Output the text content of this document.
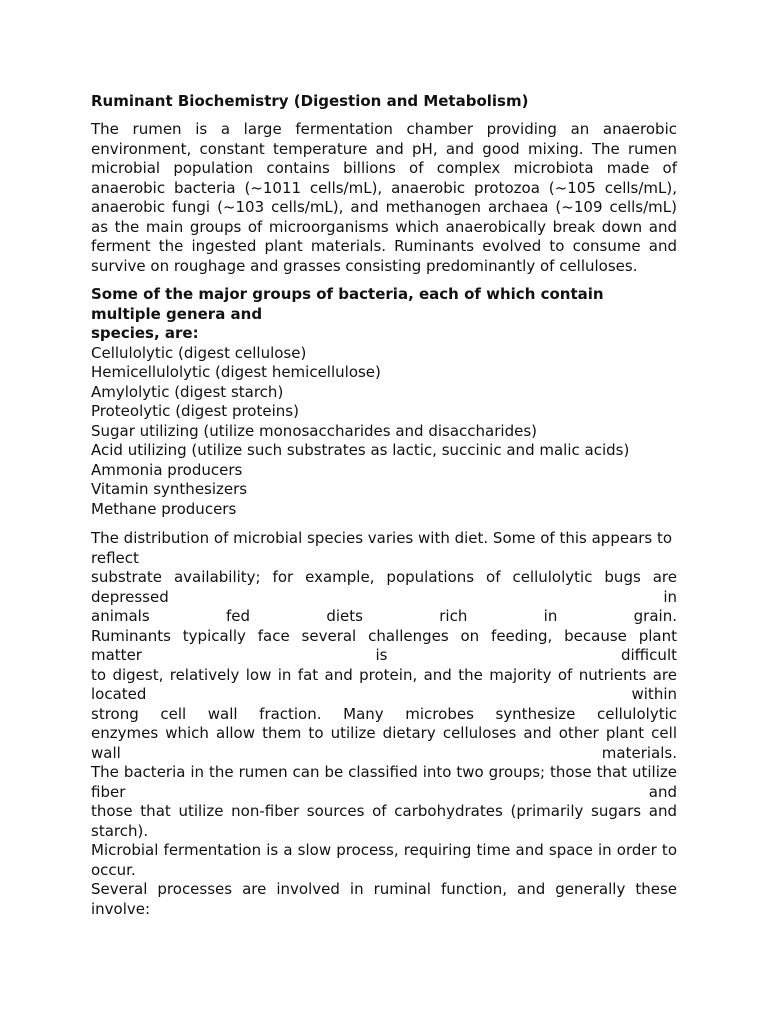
Ruminant Biochemistry (Digestion and Metabolism)
The rumen is a large fermentation chamber providing an anaerobic environment, constant temperature and pH, and good mixing. The rumen microbial population contains billions of complex microbiota made of anaerobic bacteria (~1011 cells/mL), anaerobic protozoa (~105 cells/mL), anaerobic fungi (~103 cells/mL), and methanogen archaea (~109 cells/mL) as the main groups of microorganisms which anaerobically break down and ferment the ingested plant materials. Ruminants evolved to consume and survive on roughage and grasses consisting predominantly of celluloses.
Some of the major groups of bacteria, each of which contain
multiple genera and
species, are:
Cellulolytic (digest cellulose)
Hemicellulolytic (digest hemicellulose)
Amylolytic (digest starch)
Proteolytic (digest proteins)
Sugar utilizing (utilize monosaccharides and disaccharides)
Acid utilizing (utilize such substrates as lactic, succinic and malic acids)
Ammonia producers
Vitamin synthesizers
Methane producers
The distribution of microbial species varies with diet. Some of this appears to
reflect
substrate availability; for example, populations of cellulolytic bugs are
depressed in
animals fed diets rich in grain.
Ruminants typically face several challenges on feeding, because plant
matter is difficult
to digest, relatively low in fat and protein, and the majority of nutrients are
located within
strong cell wall fraction. Many microbes synthesize cellulolytic
enzymes which allow them to utilize dietary celluloses and other plant cell
wall materials.
The bacteria in the rumen can be classified into two groups; those that utilize
fiber and
those that utilize non-fiber sources of carbohydrates (primarily sugars and
starch).
Microbial fermentation is a slow process, requiring time and space in order to
occur.
Several processes are involved in ruminal function, and generally these
involve:
